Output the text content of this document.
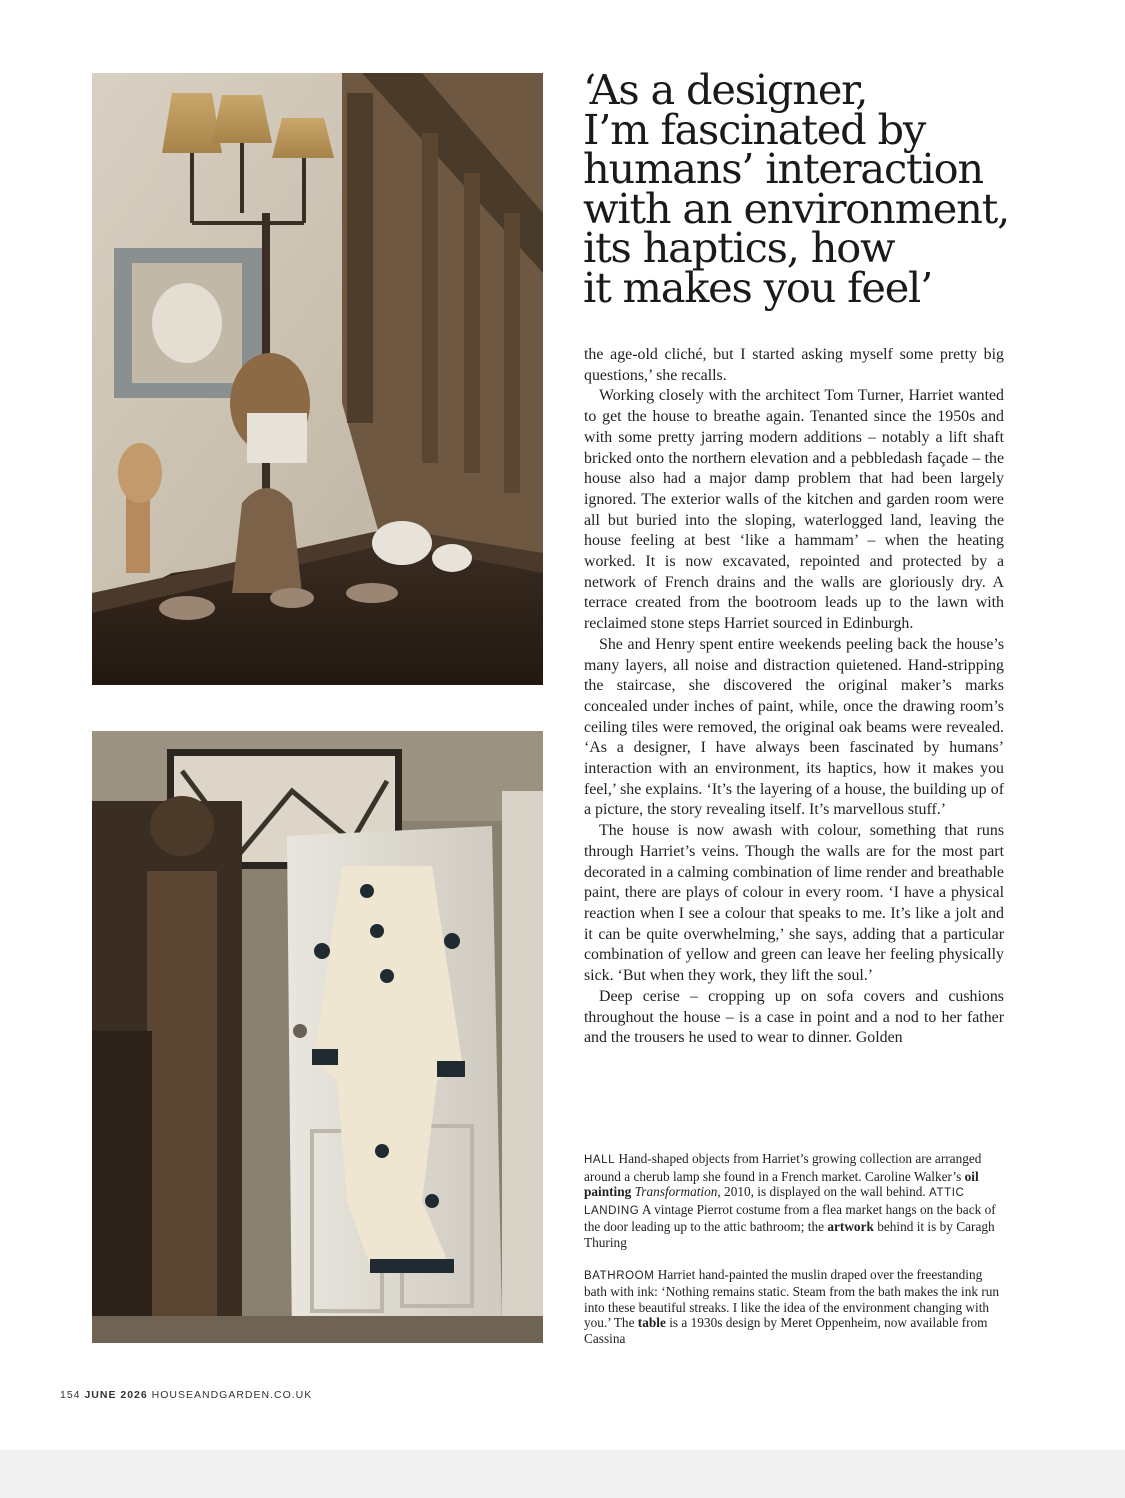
‘As a designer,
I’m fascinated by
humans’ interaction
with an environment,
its haptics, how
it makes you feel’

the age-old cliché, but I started asking myself some pretty big questions,’ she recalls.

Working closely with the architect Tom Turner, Harriet wanted to get the house to breathe again. Tenanted since the 1950s and with some pretty jarring modern additions – notably a lift shaft bricked onto the northern elevation and a pebbledash façade – the house also had a major damp problem that had been largely ignored. The exterior walls of the kitchen and garden room were all but buried into the sloping, waterlogged land, leaving the house feeling at best ‘like a hammam’ – when the heating worked. It is now excavated, repointed and protected by a network of French drains and the walls are gloriously dry. A terrace created from the bootroom leads up to the lawn with reclaimed stone steps Harriet sourced in Edinburgh.

She and Henry spent entire weekends peeling back the house’s many layers, all noise and distraction quietened. Hand-stripping the staircase, she discovered the original maker’s marks concealed under inches of paint, while, once the drawing room’s ceiling tiles were removed, the original oak beams were revealed. ‘As a designer, I have always been fascinated by humans’ interaction with an environment, its haptics, how it makes you feel,’ she explains. ‘It’s the layering of a house, the building up of a picture, the story revealing itself. It’s marvellous stuff.’

The house is now awash with colour, something that runs through Harriet’s veins. Though the walls are for the most part decorated in a calming combination of lime render and breathable paint, there are plays of colour in every room. ‘I have a physical reaction when I see a colour that speaks to me. It’s like a jolt and it can be quite overwhelming,’ she says, adding that a particular combination of yellow and green can leave her feeling physically sick. ‘But when they work, they lift the soul.’

Deep cerise – cropping up on sofa covers and cushions throughout the house – is a case in point and a nod to her father and the trousers he used to wear to dinner. Golden

HALL Hand-shaped objects from Harriet’s growing collection are arranged around a cherub lamp she found in a French market. Caroline Walker’s oil painting Transformation, 2010, is displayed on the wall behind. ATTIC LANDING A vintage Pierrot costume from a flea market hangs on the back of the door leading up to the attic bathroom; the artwork behind it is by Caragh Thuring

BATHROOM Harriet hand-painted the muslin draped over the freestanding bath with ink: ‘Nothing remains static. Steam from the bath makes the ink run into these beautiful streaks. I like the idea of the environment changing with you.’ The table is a 1930s design by Meret Oppenheim, now available from Cassina

154 JUNE 2026 HOUSEANDGARDEN.CO.UK
